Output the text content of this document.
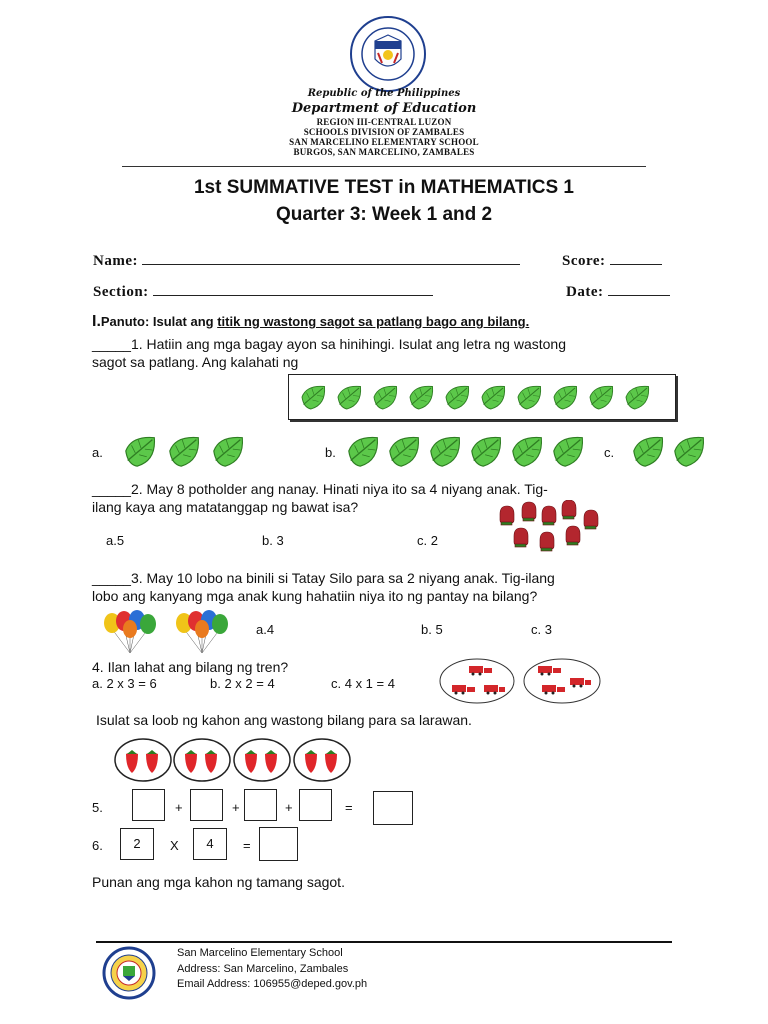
Republic of the Philippines
Department of Education
REGION III-CENTRAL LUZON
SCHOOLS DIVISION OF ZAMBALES
SAN MARCELINO ELEMENTARY SCHOOL
BURGOS, SAN MARCELINO, ZAMBALES
1st SUMMATIVE TEST in MATHEMATICS 1
Quarter 3: Week 1 and 2
Name:	Score:
Section:	Date:
I.Panuto: Isulat ang titik ng wastong sagot sa patlang bago ang bilang.
_____1. Hatiin ang mga bagay ayon sa hinihingi. Isulat ang letra ng wastong
sagot sa patlang. Ang kalahati ng
a.	b.	c.
_____2. May 8 potholder ang nanay. Hinati niya ito sa 4 niyang anak. Tig-
ilang kaya ang matatanggap ng bawat isa?
a.5	b. 3	c. 2
_____3. May 10 lobo na binili si Tatay Silo para sa 2 niyang anak. Tig-ilang
lobo ang kanyang mga anak kung hahatiin niya ito ng pantay na bilang?
a.4	b. 5	c. 3
4. Ilan lahat ang bilang ng tren?
a. 2 x 3 = 6	b. 2 x 2 = 4	c. 4 x 1 = 4
Isulat sa loob ng kahon ang wastong bilang para sa larawan.
5.	+	+	+	=
6.	2	X	4	=
Punan ang mga kahon ng tamang sagot.
San Marcelino Elementary School
Address: San Marcelino, Zambales
Email Address: 106955@deped.gov.ph
